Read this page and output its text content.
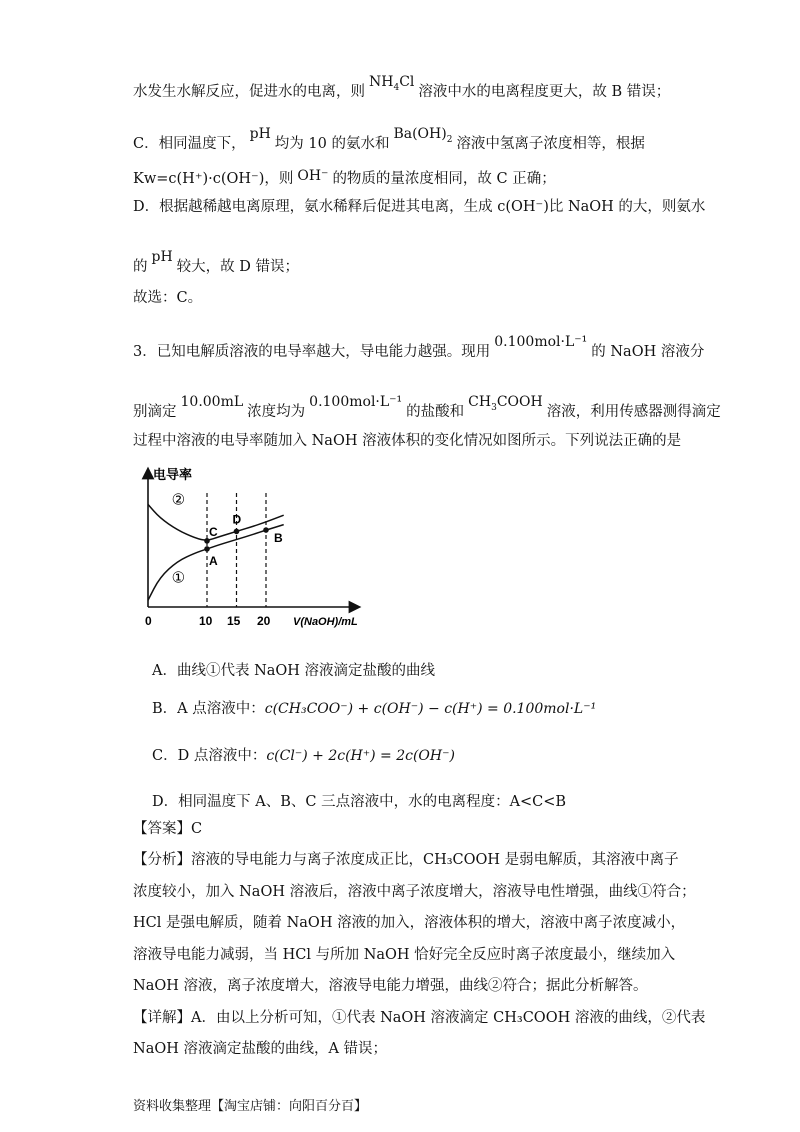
水发生水解反应，促进水的电离，则$NH_4Cl$溶液中水的电离程度更大，故 B 错误；
C．相同温度下，pH均为 10 的氨水和$Ba(OH)_2$ 溶液中氢离子浓度相等，根据
Kw=c(H⁺)·c(OH⁻)，则 OH⁻ 的物质的量浓度相同，故 C 正确；
D．根据越稀越电离原理，氨水稀释后促进其电离，生成 c(OH⁻)比 NaOH 的大，则氨水
的pH较大，故 D 错误；
故选：C。
3．已知电解质溶液的电导率越大，导电能力越强。现用0.100mol·L⁻¹的 NaOH 溶液分
别滴定10.00mL浓度均为0.100mol·L⁻¹的盐酸和$CH_3COOH$溶液，利用传感器测得滴定
过程中溶液的电导率随加入 NaOH 溶液体积的变化情况如图所示。下列说法正确的是
电导率
V(NaOH)/mL
0	10 15 20
①
②
A
C
D
B
A．曲线①代表 NaOH 溶液滴定盐酸的曲线
B．A 点溶液中：c(CH₃COO⁻) + c(OH⁻) − c(H⁺) = 0.100mol·L⁻¹
C．D 点溶液中：c(Cl⁻) + 2c(H⁺) = 2c(OH⁻)
D．相同温度下 A、B、C 三点溶液中，水的电离程度：A<C<B
【答案】C
【分析】溶液的导电能力与离子浓度成正比，CH₃COOH 是弱电解质，其溶液中离子
浓度较小，加入 NaOH 溶液后，溶液中离子浓度增大，溶液导电性增强，曲线①符合；
HCl 是强电解质，随着 NaOH 溶液的加入，溶液体积的增大，溶液中离子浓度减小，
溶液导电能力减弱，当 HCl 与所加 NaOH 恰好完全反应时离子浓度最小，继续加入
NaOH 溶液，离子浓度增大，溶液导电能力增强，曲线②符合；据此分析解答。
【详解】A．由以上分析可知，①代表 NaOH 溶液滴定 CH₃COOH 溶液的曲线，②代表
NaOH 溶液滴定盐酸的曲线，A 错误；
资料收集整理【淘宝店铺：向阳百分百】
